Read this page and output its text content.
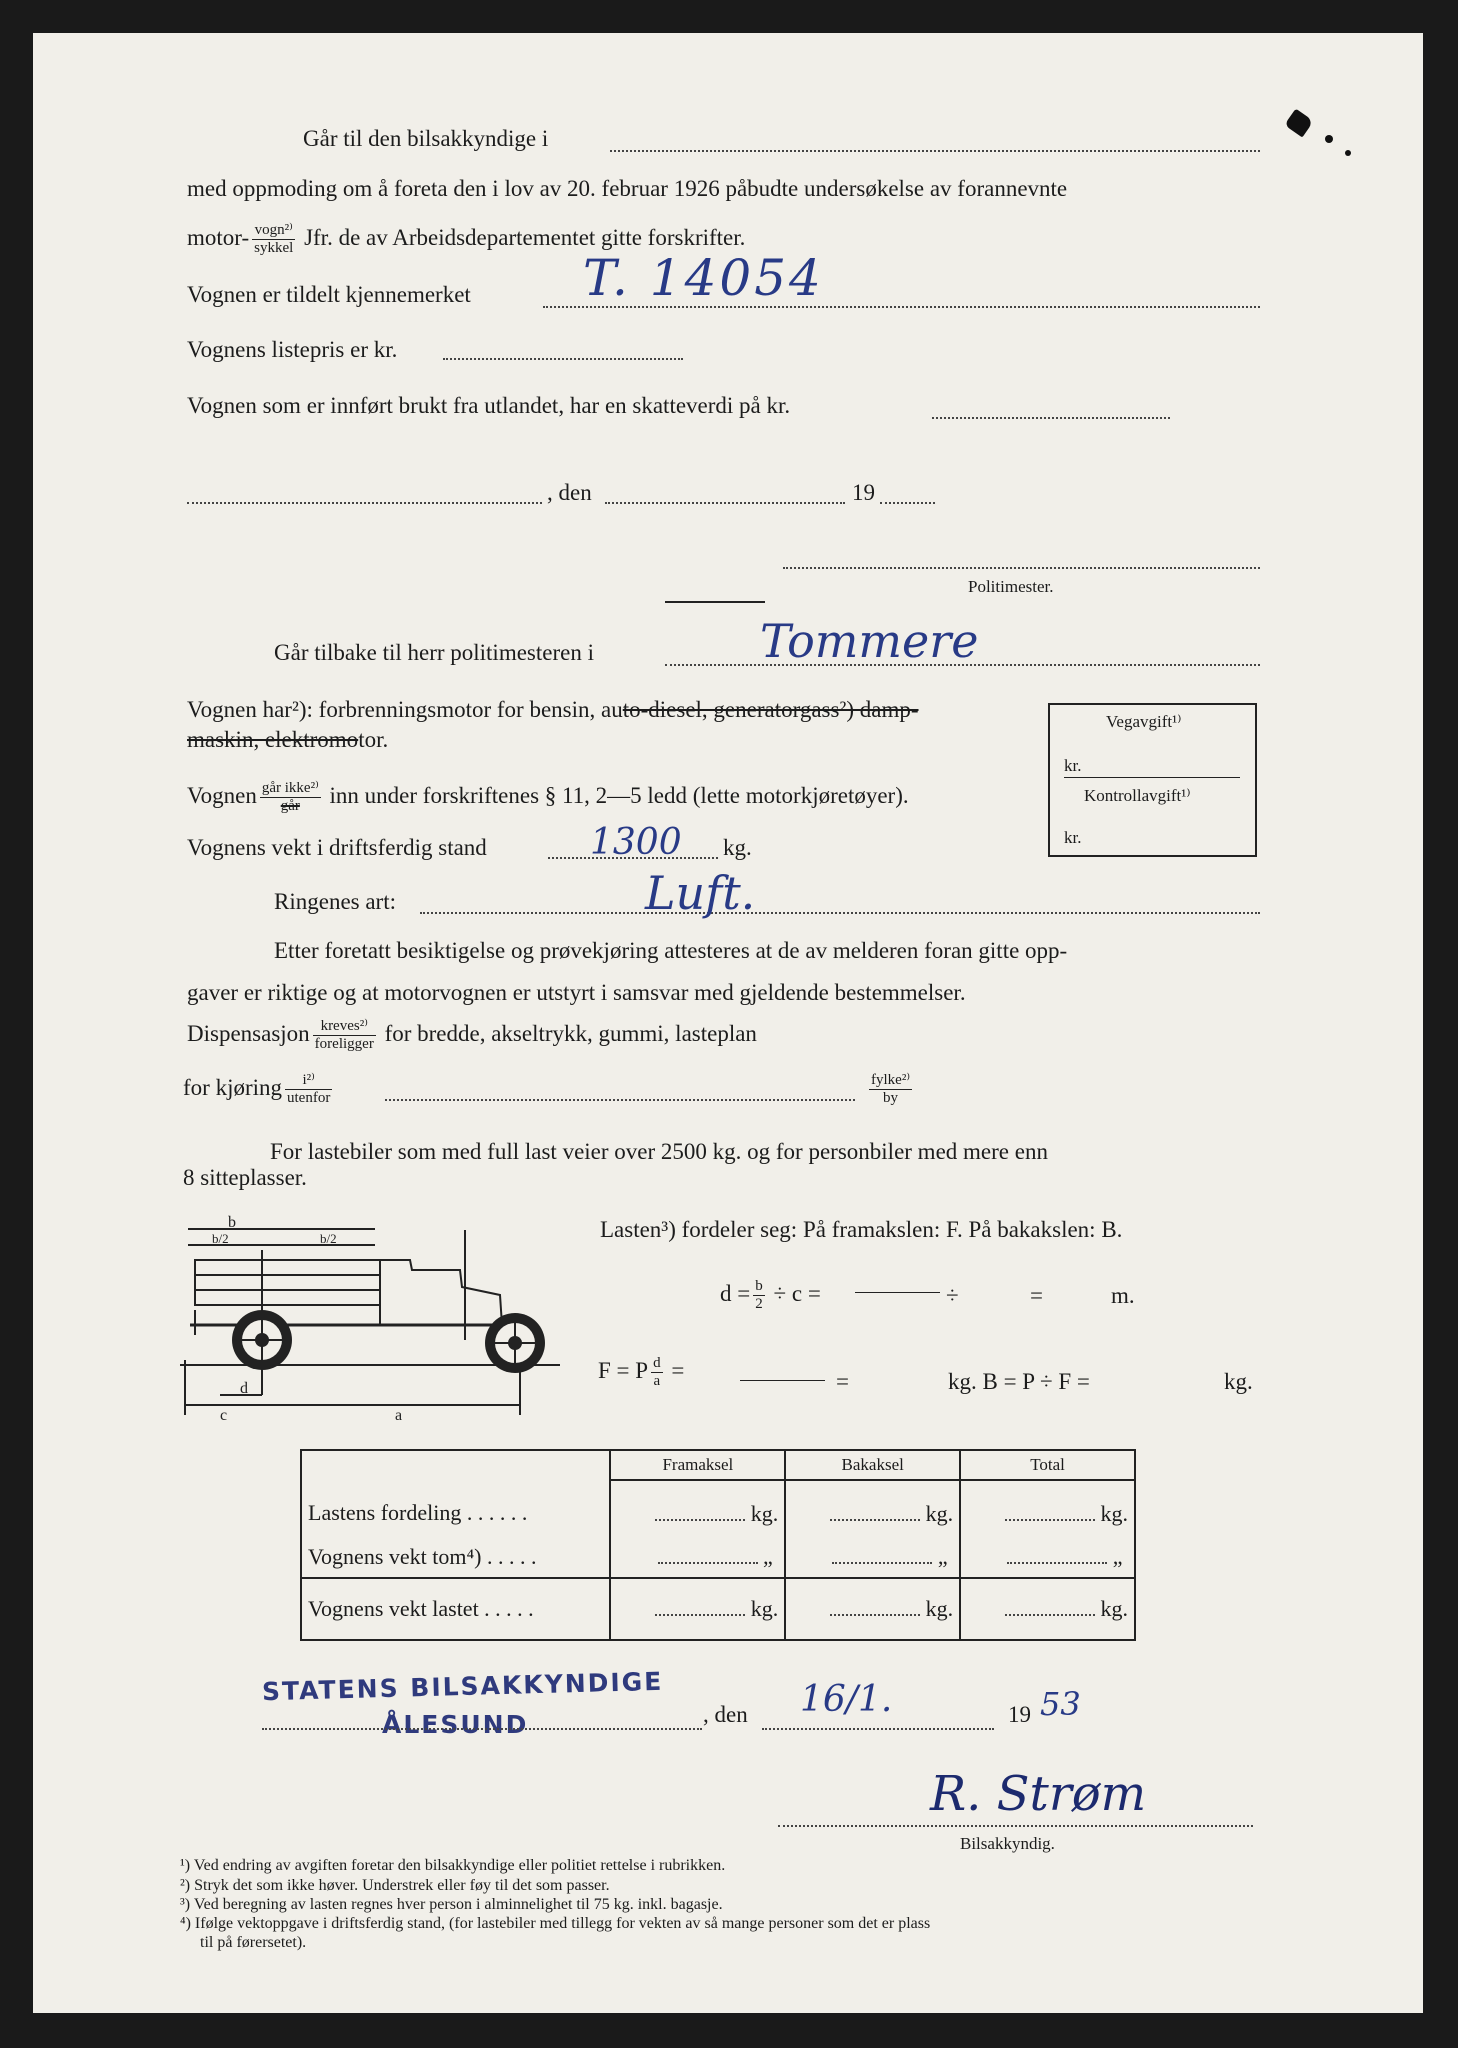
Går til den bilsakkyndige i
med oppmoding om å foreta den i lov av 20. februar 1926 påbudte undersøkelse av forannevnte
motor- $\frac{\text{vogn²⁾}}{\text{sykkel}}$ Jfr. de av Arbeidsdepartementet gitte forskrifter.
Vognen er tildelt kjennemerket T. 14054
Vognens listepris er kr.
Vognen som er innført brukt fra utlandet, har en skatteverdi på kr.
, den	19
Politimester.
Går tilbake til herr politimesteren i	Tommere
Vognen har²): forbrenningsmotor for bensin, auto-diesel, generatorgass²) damp-
maskin, elektromotor.
Vegavgift¹⁾
kr.
Kontrollavgift¹⁾
kr.
Vognen $\frac{\text{går ikke²⁾}}{\text{går}}$ inn under forskriftenes § 11, 2—5 ledd (lette motorkjøretøyer).
Vognens vekt i driftsferdig stand	1300 kg.
Ringenes art:	Luft.
Etter foretatt besiktigelse og prøvekjøring attesteres at de av melderen foran gitte opp-
gaver er riktige og at motorvognen er utstyrt i samsvar med gjeldende bestemmelser.
Dispensasjon $\frac{\text{kreves²⁾}}{\text{foreligger}}$ for bredde, akseltrykk, gummi, lasteplan
for kjøring $\frac{\text{i²⁾}}{\text{utenfor}}$	$\frac{\text{fylke²⁾}}{by}$
For lastebiler som med full last veier over 2500 kg. og for personbiler med mere enn
8 sitteplasser.
b
b/2	b/2
c
d
a
Lasten³) fordeler seg: På framakslen: F. På bakakslen: B.
$d = \frac{b}{2} \div c$ =	÷	=	m.
F = P $\frac{d}{a}$ =	=	kg. B = P ÷ F =	kg.
	Framaksel	Bakaksel	Total
Lastens fordeling . . . . . .	kg.	kg.	kg.
Vognens vekt tom⁴) . . . . .	„	„	„
Vognens vekt lastet . . . . .	kg.	kg.	kg.
STATENS BILSAKKYNDIGE
ÅLESUND	, den 16/1.	19 53
R. Strøm
Bilsakkyndig.
¹) Ved endring av avgiften foretar den bilsakkyndige eller politiet rettelse i rubrikken.
²) Stryk det som ikke høver. Understrek eller føy til det som passer.
³) Ved beregning av lasten regnes hver person i alminnelighet til 75 kg. inkl. bagasje.
⁴) Ifølge vektoppgave i driftsferdig stand, (for lastebiler med tillegg for vekten av så mange personer som det er plass
til på førersetet).
